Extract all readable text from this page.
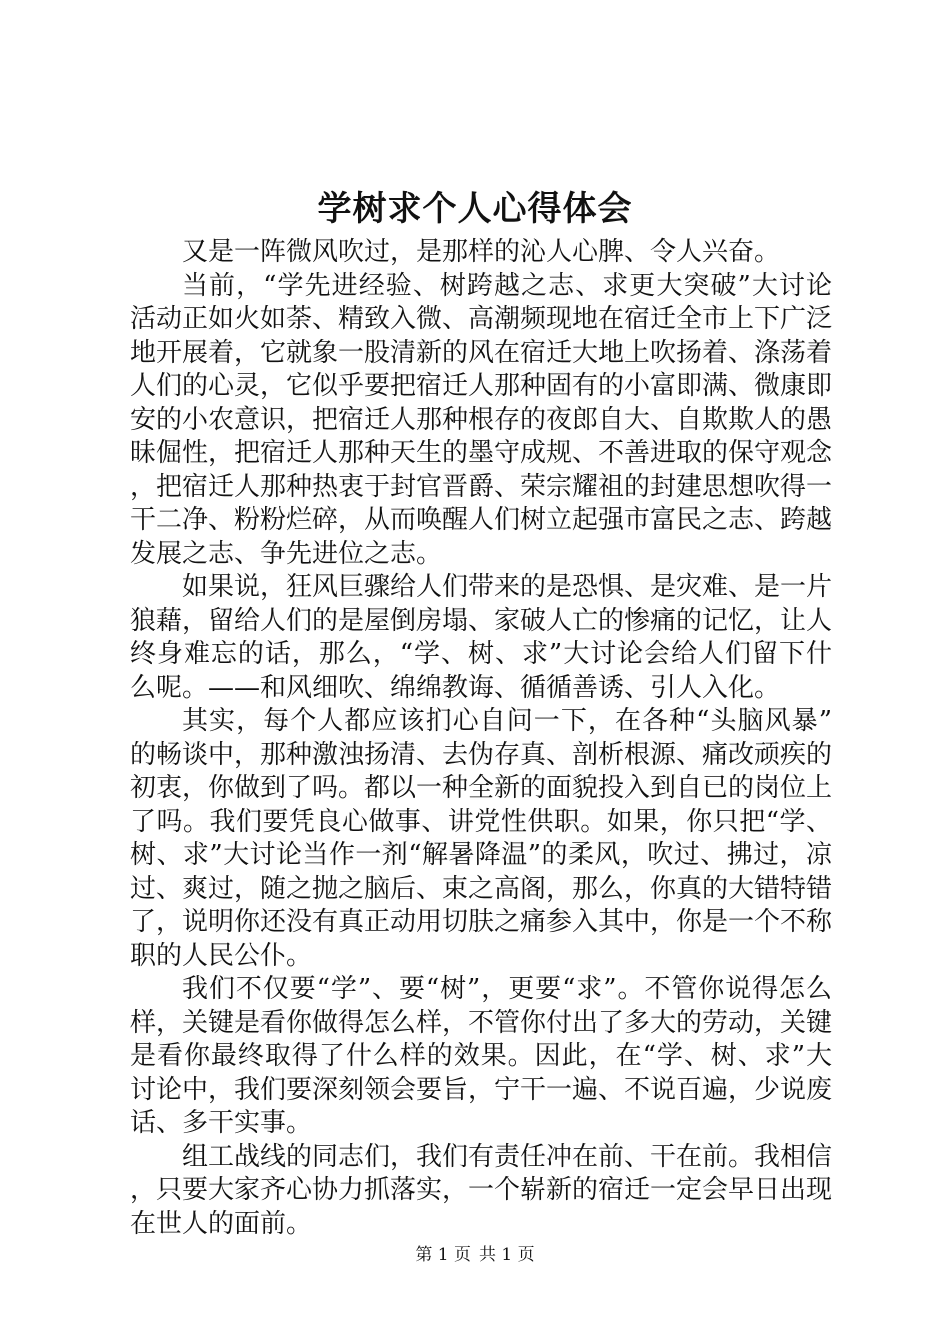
学树求个人心得体会

又是一阵微风吹过，是那样的沁人心脾、令人兴奋。

当前，“学先进经验、树跨越之志、求更大突破”大讨论活动正如火如荼、精致入微、高潮频现地在宿迁全市上下广泛地开展着，它就象一股清新的风在宿迁大地上吹扬着、涤荡着人们的心灵，它似乎要把宿迁人那种固有的小富即满、微康即安的小农意识，把宿迁人那种根存的夜郎自大、自欺欺人的愚昧倔性，把宿迁人那种天生的墨守成规、不善进取的保守观念，把宿迁人那种热衷于封官晋爵、荣宗耀祖的封建思想吹得一干二净、粉粉烂碎，从而唤醒人们树立起强市富民之志、跨越发展之志、争先进位之志。

如果说，狂风巨骤给人们带来的是恐惧、是灾难、是一片狼藉，留给人们的是屋倒房塌、家破人亡的惨痛的记忆，让人终身难忘的话，那么，“学、树、求”大讨论会给人们留下什么呢。——和风细吹、绵绵教诲、循循善诱、引人入化。

其实，每个人都应该扪心自问一下，在各种“头脑风暴”的畅谈中，那种激浊扬清、去伪存真、剖析根源、痛改顽疾的初衷，你做到了吗。都以一种全新的面貌投入到自已的岗位上了吗。我们要凭良心做事、讲党性供职。如果，你只把“学、树、求”大讨论当作一剂“解暑降温”的柔风，吹过、拂过，凉过、爽过，随之抛之脑后、束之高阁，那么，你真的大错特错了，说明你还没有真正动用切肤之痛参入其中，你是一个不称职的人民公仆。

我们不仅要“学”、要“树”，更要“求”。不管你说得怎么样，关键是看你做得怎么样，不管你付出了多大的劳动，关键是看你最终取得了什么样的效果。因此，在“学、树、求”大讨论中，我们要深刻领会要旨，宁干一遍、不说百遍，少说废话、多干实事。

组工战线的同志们，我们有责任冲在前、干在前。我相信，只要大家齐心协力抓落实，一个崭新的宿迁一定会早日出现在世人的面前。

第 1 页 共 1 页
